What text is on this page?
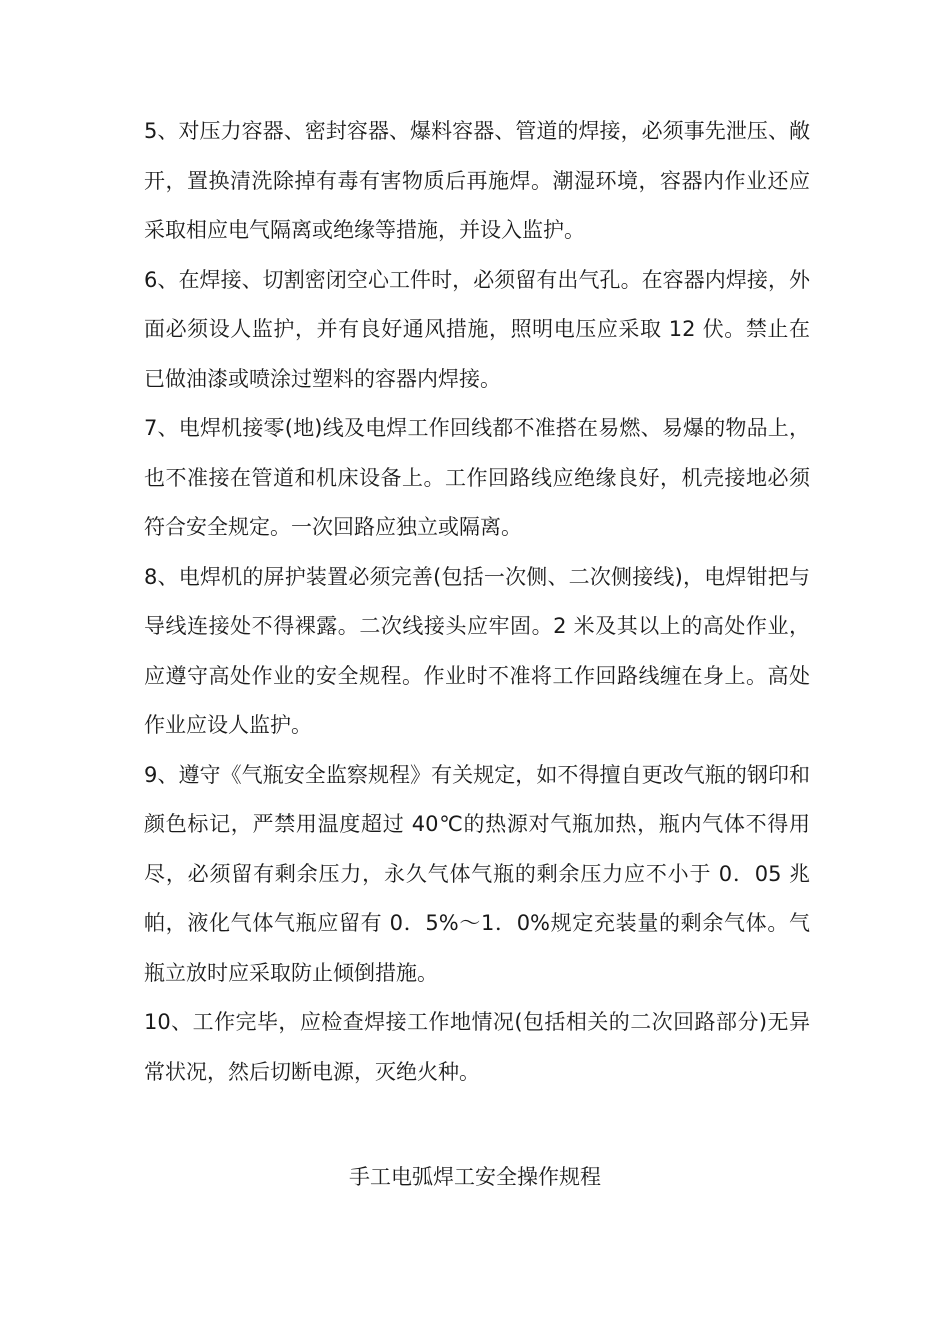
5、对压力容器、密封容器、爆料容器、管道的焊接，必须事先泄压、敞开，置换清洗除掉有毒有害物质后再施焊。潮湿环境，容器内作业还应采取相应电气隔离或绝缘等措施，并设入监护。

6、在焊接、切割密闭空心工件时，必须留有出气孔。在容器内焊接，外面必须设人监护，并有良好通风措施，照明电压应采取 12 伏。禁止在已做油漆或喷涂过塑料的容器内焊接。

7、电焊机接零(地)线及电焊工作回线都不准搭在易燃、易爆的物品上，也不准接在管道和机床设备上。工作回路线应绝缘良好，机壳接地必须符合安全规定。一次回路应独立或隔离。

8、电焊机的屏护装置必须完善(包括一次侧、二次侧接线)，电焊钳把与导线连接处不得裸露。二次线接头应牢固。2 米及其以上的高处作业，应遵守高处作业的安全规程。作业时不准将工作回路线缠在身上。高处作业应设人监护。

9、遵守《气瓶安全监察规程》有关规定，如不得擅自更改气瓶的钢印和颜色标记，严禁用温度超过 40℃的热源对气瓶加热，瓶内气体不得用尽，必须留有剩余压力，永久气体气瓶的剩余压力应不小于 0．05 兆帕，液化气体气瓶应留有 0．5%～1．0%规定充装量的剩余气体。气瓶立放时应采取防止倾倒措施。

10、工作完毕，应检查焊接工作地情况(包括相关的二次回路部分)无异常状况，然后切断电源，灭绝火种。

手工电弧焊工安全操作规程
